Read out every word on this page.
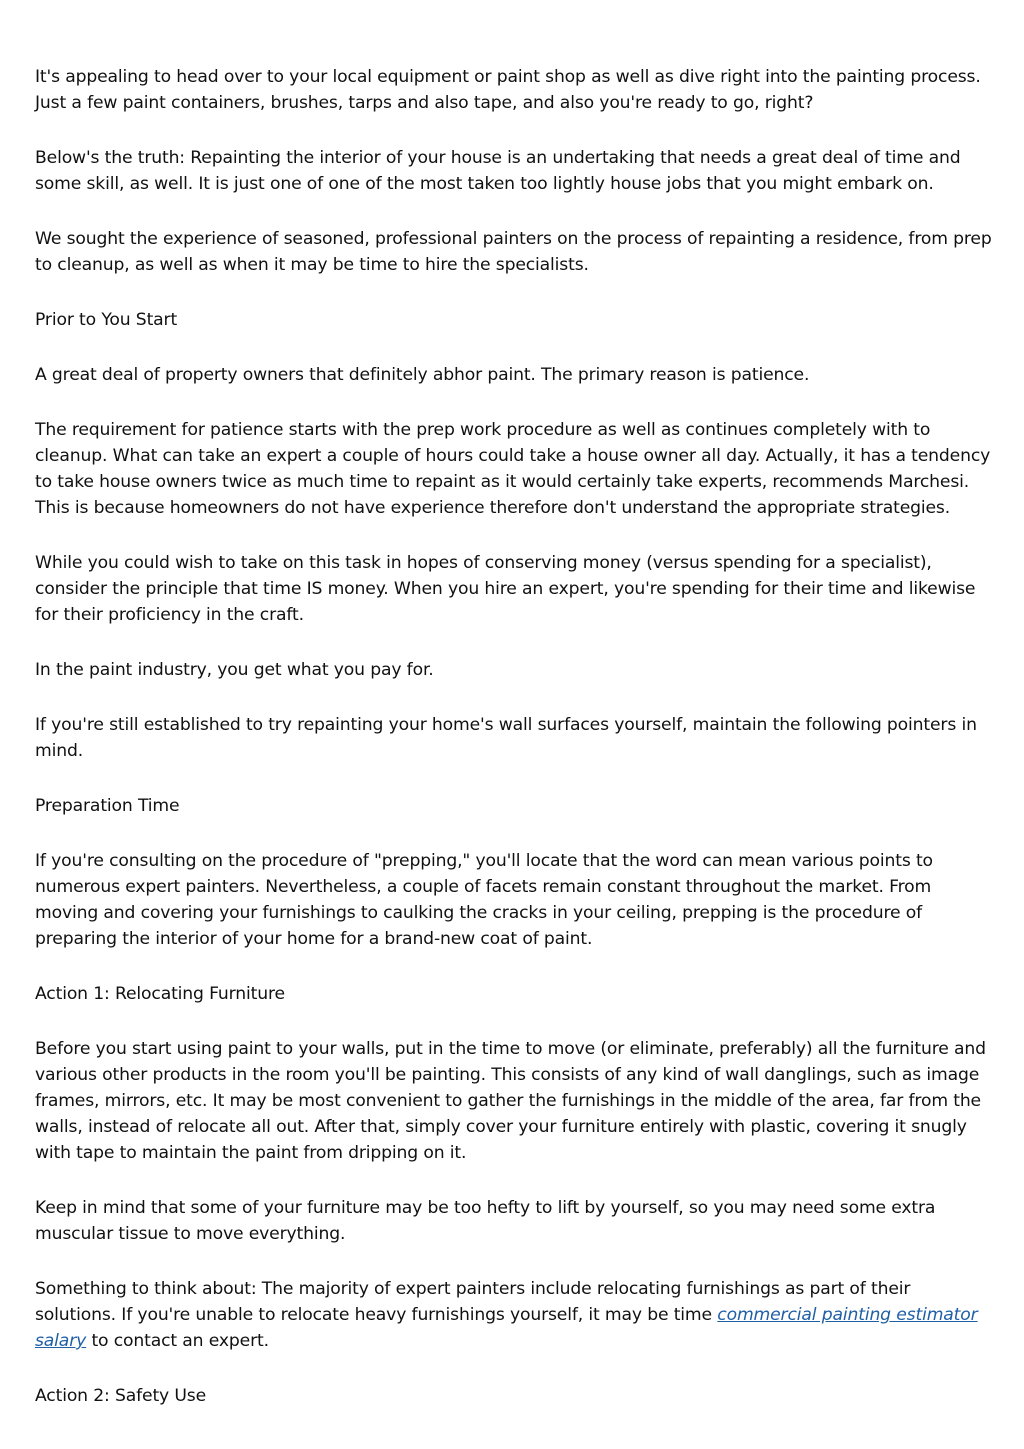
It's appealing to head over to your local equipment or paint shop as well as dive right into the painting process. Just a few paint containers, brushes, tarps and also tape, and also you're ready to go, right?

Below's the truth: Repainting the interior of your house is an undertaking that needs a great deal of time and some skill, as well. It is just one of one of the most taken too lightly house jobs that you might embark on.

We sought the experience of seasoned, professional painters on the process of repainting a residence, from prep to cleanup, as well as when it may be time to hire the specialists.

Prior to You Start

A great deal of property owners that definitely abhor paint. The primary reason is patience.

The requirement for patience starts with the prep work procedure as well as continues completely with to cleanup. What can take an expert a couple of hours could take a house owner all day. Actually, it has a tendency to take house owners twice as much time to repaint as it would certainly take experts, recommends Marchesi. This is because homeowners do not have experience therefore don't understand the appropriate strategies.

While you could wish to take on this task in hopes of conserving money (versus spending for a specialist), consider the principle that time IS money. When you hire an expert, you're spending for their time and likewise for their proficiency in the craft.

In the paint industry, you get what you pay for.

If you're still established to try repainting your home's wall surfaces yourself, maintain the following pointers in mind.

Preparation Time

If you're consulting on the procedure of "prepping," you'll locate that the word can mean various points to numerous expert painters. Nevertheless, a couple of facets remain constant throughout the market. From moving and covering your furnishings to caulking the cracks in your ceiling, prepping is the procedure of preparing the interior of your home for a brand-new coat of paint.

Action 1: Relocating Furniture

Before you start using paint to your walls, put in the time to move (or eliminate, preferably) all the furniture and various other products in the room you'll be painting. This consists of any kind of wall danglings, such as image frames, mirrors, etc. It may be most convenient to gather the furnishings in the middle of the area, far from the walls, instead of relocate all out. After that, simply cover your furniture entirely with plastic, covering it snugly with tape to maintain the paint from dripping on it.

Keep in mind that some of your furniture may be too hefty to lift by yourself, so you may need some extra muscular tissue to move everything.

Something to think about: The majority of expert painters include relocating furnishings as part of their solutions. If you're unable to relocate heavy furnishings yourself, it may be time commercial painting estimator salary to contact an expert.

Action 2: Safety Use
